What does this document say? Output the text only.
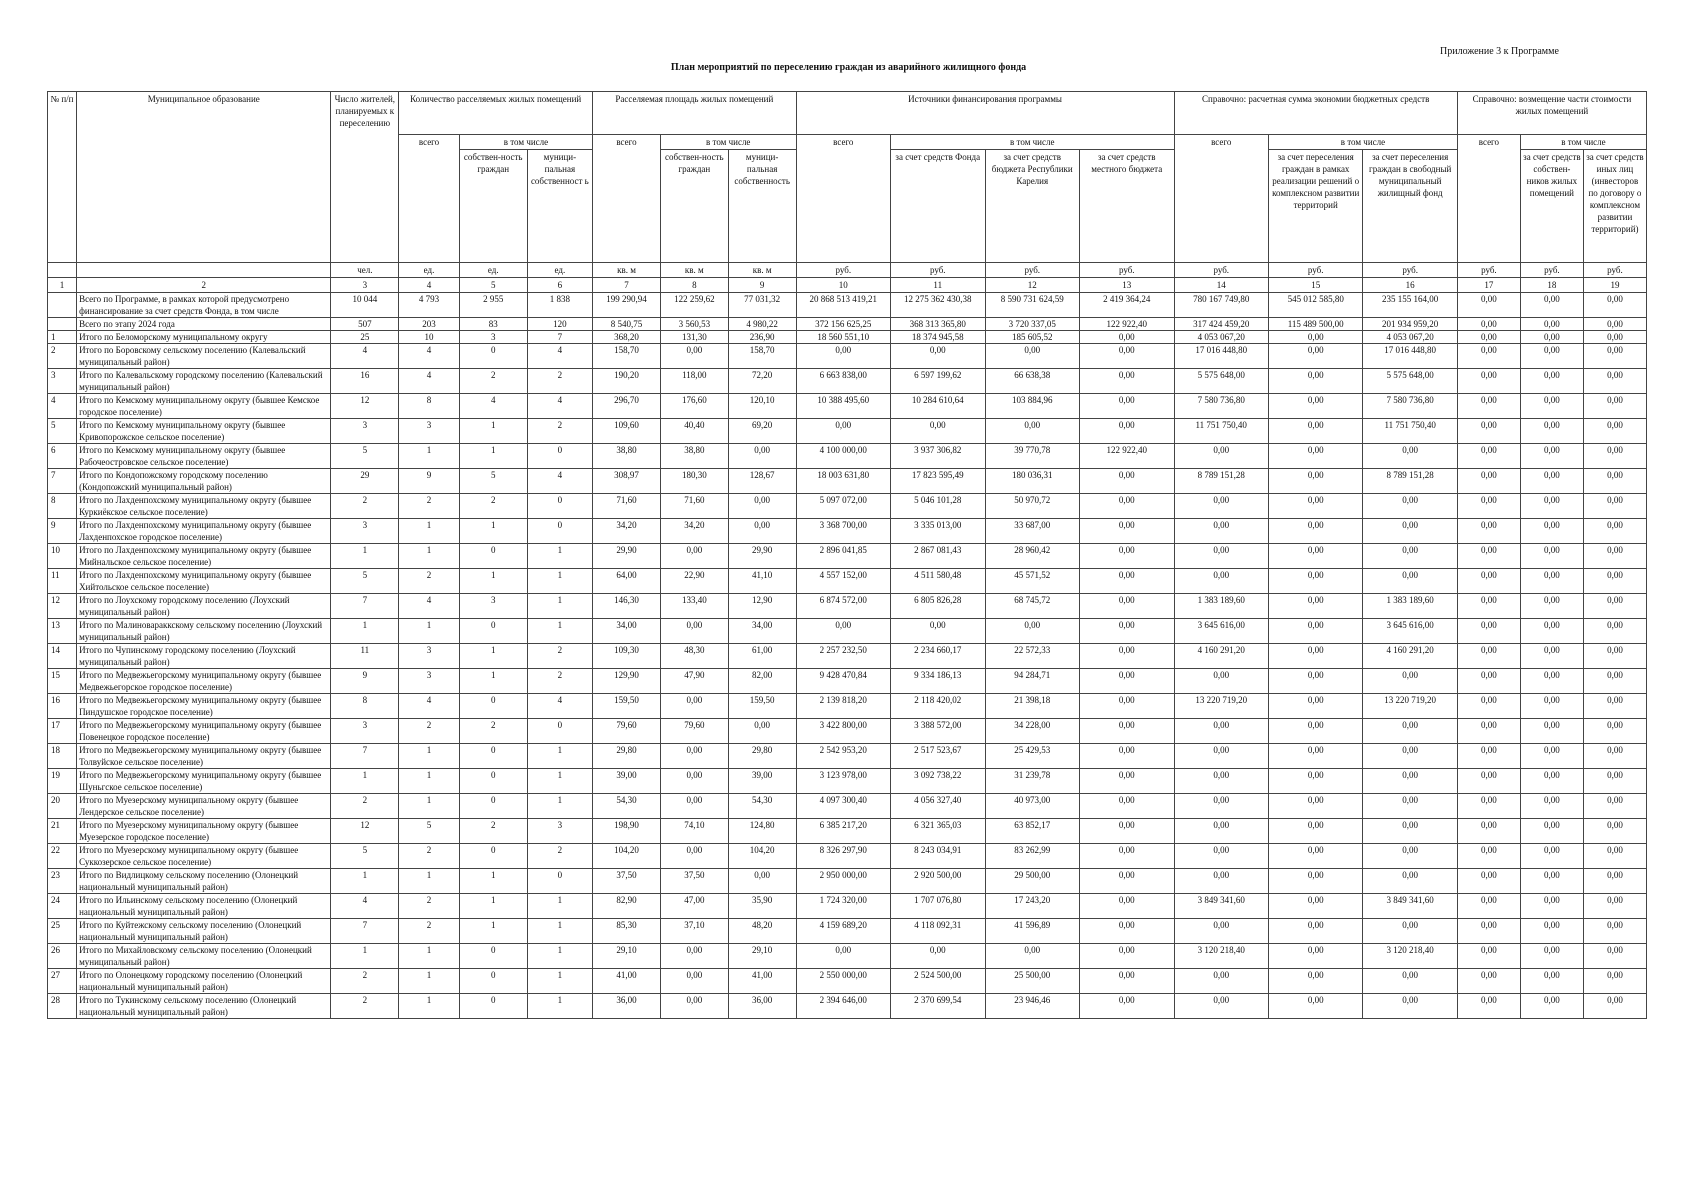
Приложение 3 к Программе
План мероприятий по переселению граждан из аварийного жилищного фонда
№ п/п	Муниципальное образование	Число жителей, планируемых к переселению	Количество расселяемых жилых помещений			Расселяемая площадь жилых помещений			Источники финансирования программы				Справочно: расчетная сумма экономии бюджетных средств			Справочно: возмещение части стоимости жилых помещений		
			всего	в том числе		всего	в том числе		всего	в том числе			всего	в том числе		всего	в том числе	
				собствен-ность граждан	муници-пальная собственност ь		собствен-ность граждан	муници-пальная собственность		за счет средств Фонда	за счет средств бюджета Республики Карелия	за счет средств местного бюджета		за счет переселения граждан в рамках реализации решений о комплексном развитии территорий	за счет переселения граждан в свободный муниципальный жилищный фонд		за счет средств собствен-ников жилых помещений	за счет средств иных лиц (инвесторов по договору о комплексном развитии территорий)
		чел.	ед.	ед.	ед.	кв. м	кв. м	кв. м	руб.	руб.	руб.	руб.	руб.	руб.	руб.	руб.	руб.	руб.
1	2	3	4	5	6	7	8	9	10	11	12	13	14	15	16	17	18	19
	Всего по Программе, в рамках которой предусмотрено финансирование за счет средств Фонда, в том числе	10 044	4 793	2 955	1 838	199 290,94	122 259,62	77 031,32	20 868 513 419,21	12 275 362 430,38	8 590 731 624,59	2 419 364,24	780 167 749,80	545 012 585,80	235 155 164,00	0,00	0,00	0,00
	Всего по этапу 2024 года	507	203	83	120	8 540,75	3 560,53	4 980,22	372 156 625,25	368 313 365,80	3 720 337,05	122 922,40	317 424 459,20	115 489 500,00	201 934 959,20	0,00	0,00	0,00
1	Итого по Беломорскому муниципальному округу	25	10	3	7	368,20	131,30	236,90	18 560 551,10	18 374 945,58	185 605,52	0,00	4 053 067,20	0,00	4 053 067,20	0,00	0,00	0,00
2	Итого по Боровскому сельскому поселению (Калевальский муниципальный район)	4	4	0	4	158,70	0,00	158,70	0,00	0,00	0,00	0,00	17 016 448,80	0,00	17 016 448,80	0,00	0,00	0,00
3	Итого по Калевальскому городскому поселению (Калевальский муниципальный район)	16	4	2	2	190,20	118,00	72,20	6 663 838,00	6 597 199,62	66 638,38	0,00	5 575 648,00	0,00	5 575 648,00	0,00	0,00	0,00
4	Итого по Кемскому муниципальному округу (бывшее Кемское городское поселение)	12	8	4	4	296,70	176,60	120,10	10 388 495,60	10 284 610,64	103 884,96	0,00	7 580 736,80	0,00	7 580 736,80	0,00	0,00	0,00
5	Итого по Кемскому муниципальному округу (бывшее Кривопорожское сельское поселение)	3	3	1	2	109,60	40,40	69,20	0,00	0,00	0,00	0,00	11 751 750,40	0,00	11 751 750,40	0,00	0,00	0,00
6	Итого по Кемскому муниципальному округу (бывшее Рабочеостровское сельское поселение)	5	1	1	0	38,80	38,80	0,00	4 100 000,00	3 937 306,82	39 770,78	122 922,40	0,00	0,00	0,00	0,00	0,00	0,00
7	Итого по Кондопожскому городскому поселению (Кондопожский муниципальный район)	29	9	5	4	308,97	180,30	128,67	18 003 631,80	17 823 595,49	180 036,31	0,00	8 789 151,28	0,00	8 789 151,28	0,00	0,00	0,00
8	Итого по Лахденпохскому муниципальному округу (бывшее Куркиёкское сельское поселение)	2	2	2	0	71,60	71,60	0,00	5 097 072,00	5 046 101,28	50 970,72	0,00	0,00	0,00	0,00	0,00	0,00	0,00
9	Итого по Лахденпохскому муниципальному округу (бывшее Лахденпохское городское поселение)	3	1	1	0	34,20	34,20	0,00	3 368 700,00	3 335 013,00	33 687,00	0,00	0,00	0,00	0,00	0,00	0,00	0,00
10	Итого по Лахденпохскому муниципальному округу (бывшее Мийнальское сельское поселение)	1	1	0	1	29,90	0,00	29,90	2 896 041,85	2 867 081,43	28 960,42	0,00	0,00	0,00	0,00	0,00	0,00	0,00
11	Итого по Лахденпохскому муниципальному округу (бывшее Хийтольское сельское поселение)	5	2	1	1	64,00	22,90	41,10	4 557 152,00	4 511 580,48	45 571,52	0,00	0,00	0,00	0,00	0,00	0,00	0,00
12	Итого по Лоухскому городскому поселению (Лоухский муниципальный район)	7	4	3	1	146,30	133,40	12,90	6 874 572,00	6 805 826,28	68 745,72	0,00	1 383 189,60	0,00	1 383 189,60	0,00	0,00	0,00
13	Итого по Малиновараккскому сельскому поселению (Лоухский муниципальный район)	1	1	0	1	34,00	0,00	34,00	0,00	0,00	0,00	0,00	3 645 616,00	0,00	3 645 616,00	0,00	0,00	0,00
14	Итого по Чупинскому городскому поселению (Лоухский муниципальный район)	11	3	1	2	109,30	48,30	61,00	2 257 232,50	2 234 660,17	22 572,33	0,00	4 160 291,20	0,00	4 160 291,20	0,00	0,00	0,00
15	Итого по Медвежьегорскому муниципальному округу (бывшее Медвежьегорское городское поселение)	9	3	1	2	129,90	47,90	82,00	9 428 470,84	9 334 186,13	94 284,71	0,00	0,00	0,00	0,00	0,00	0,00	0,00
16	Итого по Медвежьегорскому муниципальному округу (бывшее Пиндушское городское поселение)	8	4	0	4	159,50	0,00	159,50	2 139 818,20	2 118 420,02	21 398,18	0,00	13 220 719,20	0,00	13 220 719,20	0,00	0,00	0,00
17	Итого по Медвежьегорскому муниципальному округу (бывшее Повенецкое городское поселение)	3	2	2	0	79,60	79,60	0,00	3 422 800,00	3 388 572,00	34 228,00	0,00	0,00	0,00	0,00	0,00	0,00	0,00
18	Итого по Медвежьегорскому муниципальному округу (бывшее Толвуйское сельское поселение)	7	1	0	1	29,80	0,00	29,80	2 542 953,20	2 517 523,67	25 429,53	0,00	0,00	0,00	0,00	0,00	0,00	0,00
19	Итого по Медвежьегорскому муниципальному округу (бывшее Шуньгское сельское поселение)	1	1	0	1	39,00	0,00	39,00	3 123 978,00	3 092 738,22	31 239,78	0,00	0,00	0,00	0,00	0,00	0,00	0,00
20	Итого по Муезерскому муниципальному округу (бывшее Лендерское сельское поселение)	2	1	0	1	54,30	0,00	54,30	4 097 300,40	4 056 327,40	40 973,00	0,00	0,00	0,00	0,00	0,00	0,00	0,00
21	Итого по Муезерскому муниципальному округу (бывшее Муезерское городское поселение)	12	5	2	3	198,90	74,10	124,80	6 385 217,20	6 321 365,03	63 852,17	0,00	0,00	0,00	0,00	0,00	0,00	0,00
22	Итого по Муезерскому муниципальному округу (бывшее Суккозерское сельское поселение)	5	2	0	2	104,20	0,00	104,20	8 326 297,90	8 243 034,91	83 262,99	0,00	0,00	0,00	0,00	0,00	0,00	0,00
23	Итого по Видлицкому сельскому поселению (Олонецкий национальный муниципальный район)	1	1	1	0	37,50	37,50	0,00	2 950 000,00	2 920 500,00	29 500,00	0,00	0,00	0,00	0,00	0,00	0,00	0,00
24	Итого по Ильинскому сельскому поселению (Олонецкий национальный муниципальный район)	4	2	1	1	82,90	47,00	35,90	1 724 320,00	1 707 076,80	17 243,20	0,00	3 849 341,60	0,00	3 849 341,60	0,00	0,00	0,00
25	Итого по Куйтежскому сельскому поселению (Олонецкий национальный муниципальный район)	7	2	1	1	85,30	37,10	48,20	4 159 689,20	4 118 092,31	41 596,89	0,00	0,00	0,00	0,00	0,00	0,00	0,00
26	Итого по Михайловскому сельскому поселению (Олонецкий муниципальный район)	1	1	0	1	29,10	0,00	29,10	0,00	0,00	0,00	0,00	3 120 218,40	0,00	3 120 218,40	0,00	0,00	0,00
27	Итого по Олонецкому городскому поселению (Олонецкий национальный муниципальный район)	2	1	0	1	41,00	0,00	41,00	2 550 000,00	2 524 500,00	25 500,00	0,00	0,00	0,00	0,00	0,00	0,00	0,00
28	Итого по Тукинскому сельскому поселению (Олонецкий национальный муниципальный район)	2	1	0	1	36,00	0,00	36,00	2 394 646,00	2 370 699,54	23 946,46	0,00	0,00	0,00	0,00	0,00	0,00	0,00
